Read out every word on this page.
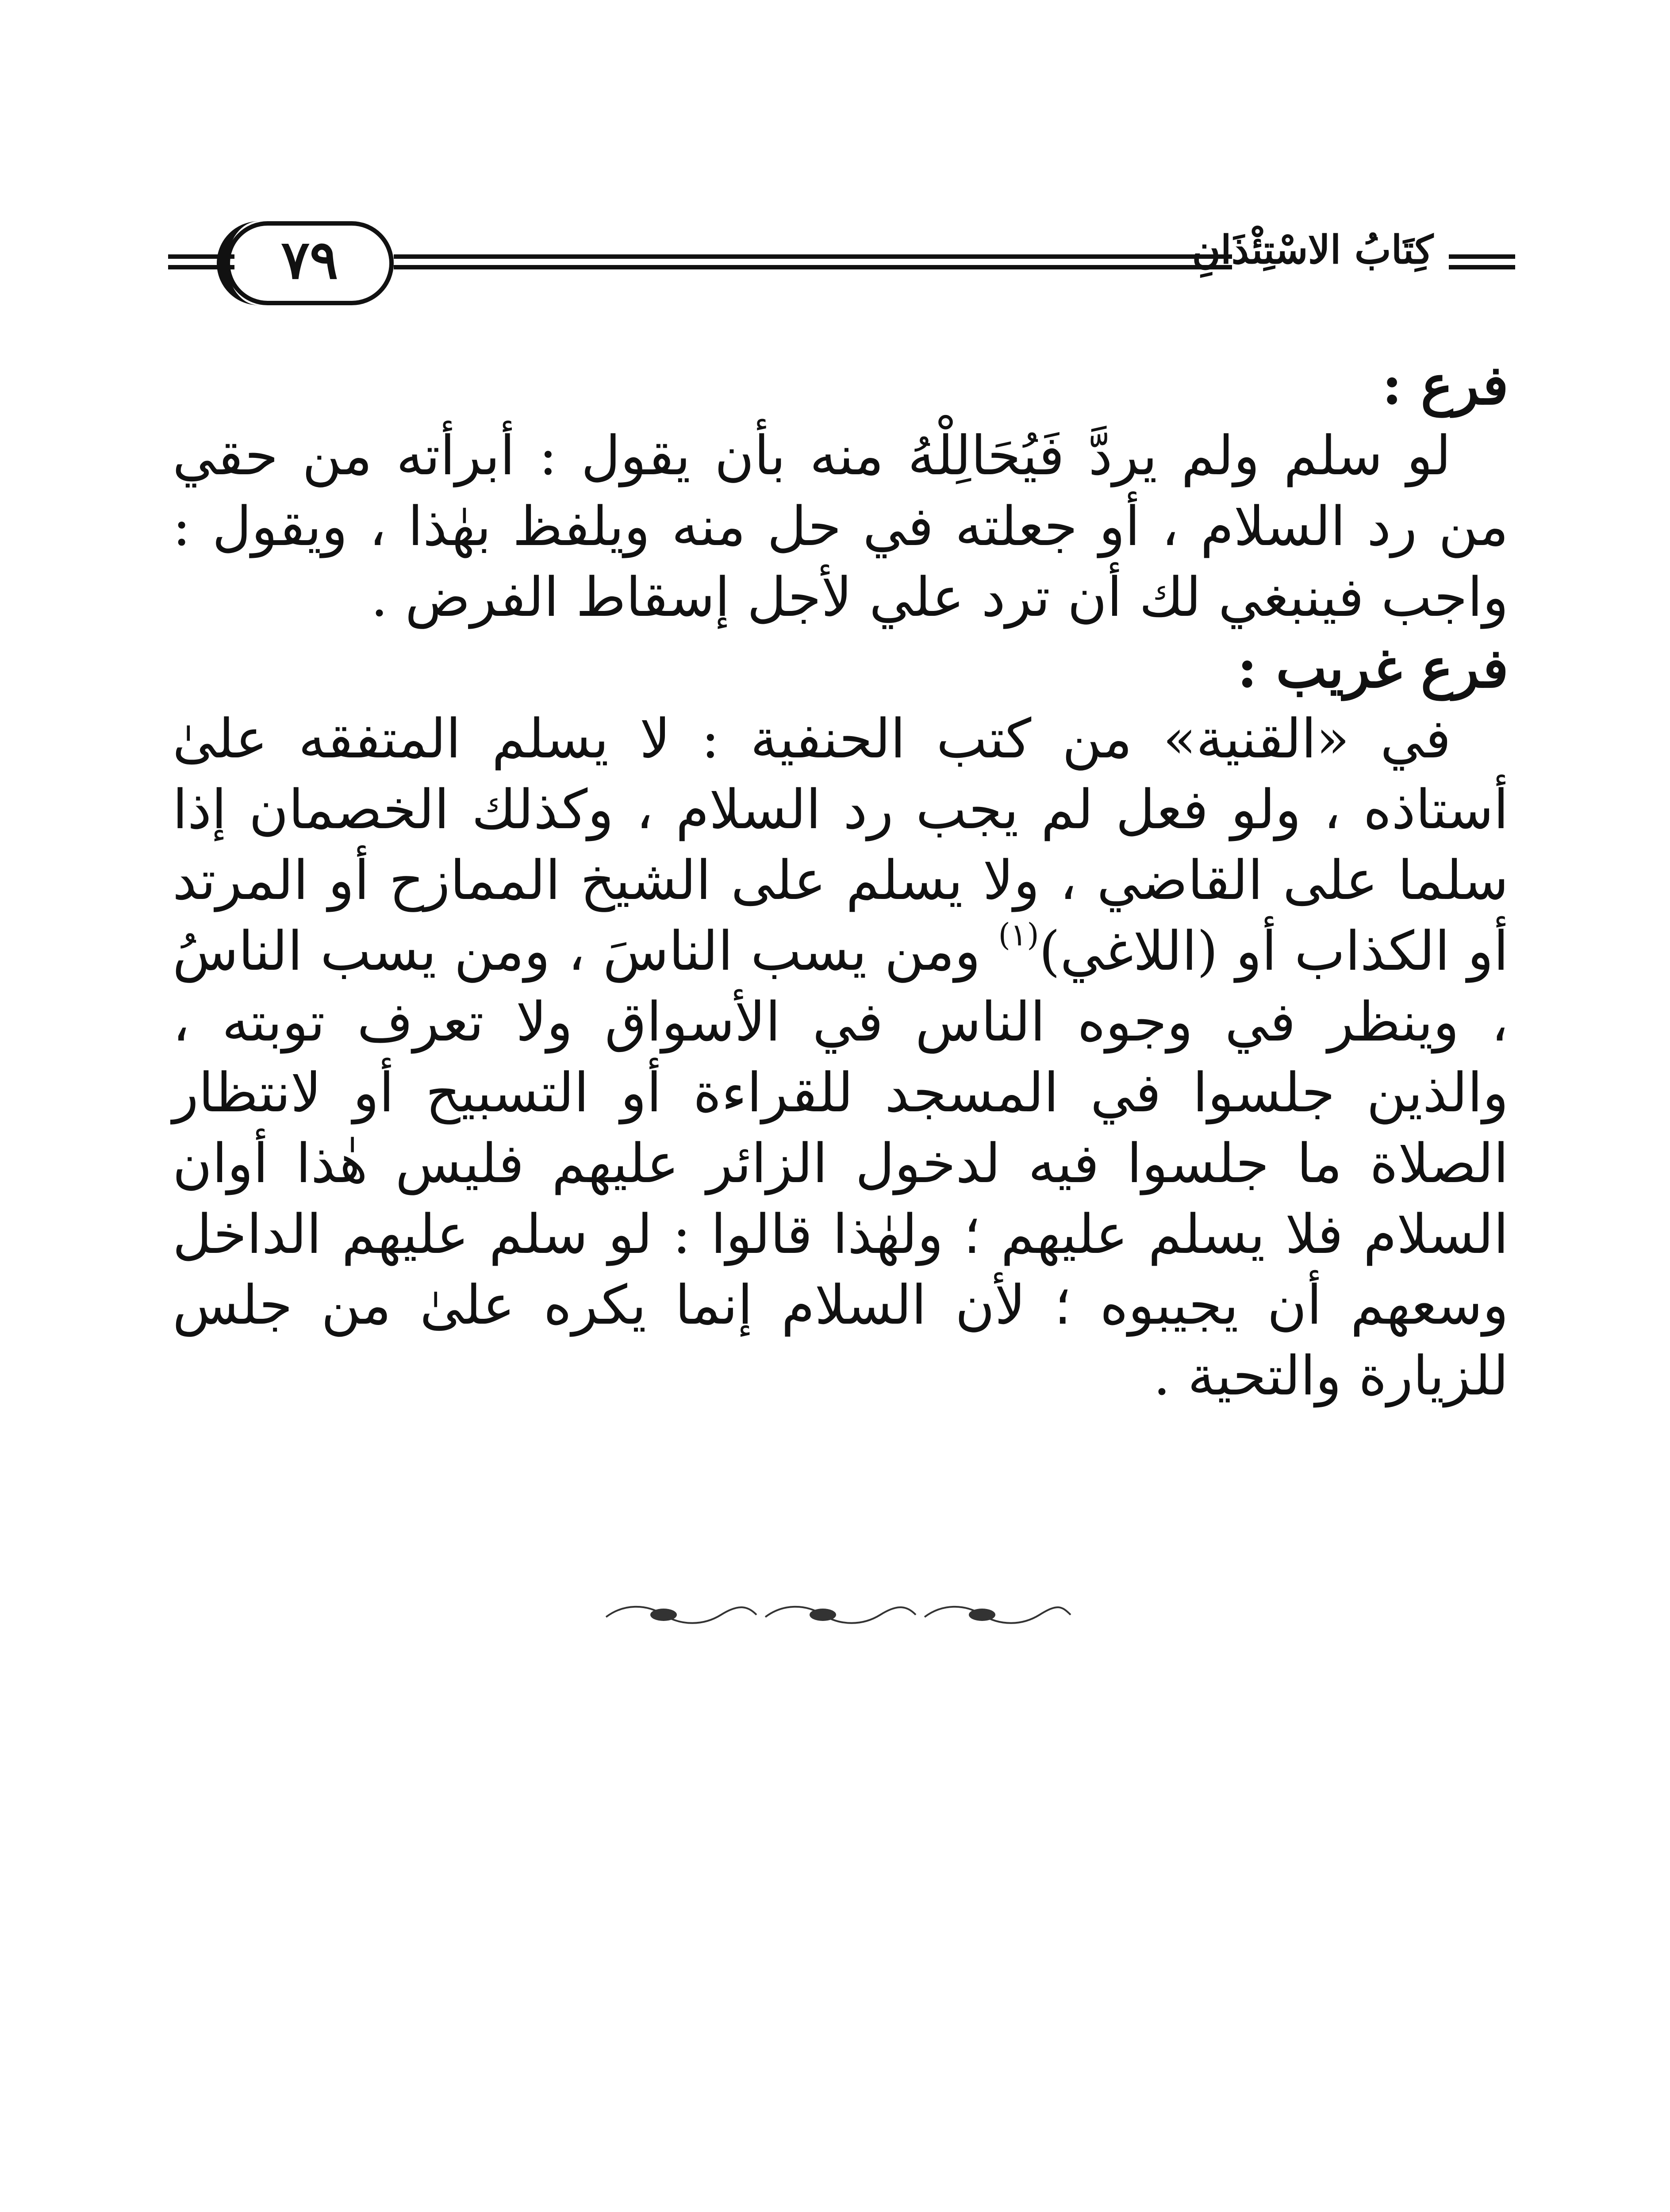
كِتَابُ الاسْتِئْذَانِ
٧٩

فرع :

لو سلم ولم يردَّ فَيُحَالِلْهُ منه بأن يقول : أبرأته من حقي من رد السلام ، أو جعلته في حل منه ويلفظ بهٰذا ، ويقول : واجب فينبغي لك أن ترد علي لأجل إسقاط الفرض .

فرع غريب :

في «القنية» من كتب الحنفية : لا يسلم المتفقه علىٰ أستاذه ، ولو فعل لم يجب رد السلام ، وكذلك الخصمان إذا سلما على القاضي ، ولا يسلم على الشيخ الممازح أو المرتد أو الكذاب أو (اللاغي)$^{(١)}$ ومن يسب الناسَ ، ومن يسب الناسُ ، وينظر في وجوه الناس في الأسواق ولا تعرف توبته ، والذين جلسوا في المسجد للقراءة أو التسبيح أو لانتظار الصلاة ما جلسوا فيه لدخول الزائر عليهم فليس هٰذا أوان السلام فلا يسلم عليهم ؛ ولهٰذا قالوا : لو سلم عليهم الداخل وسعهم أن يجيبوه ؛ لأن السلام إنما يكره علىٰ من جلس للزيارة والتحية .
